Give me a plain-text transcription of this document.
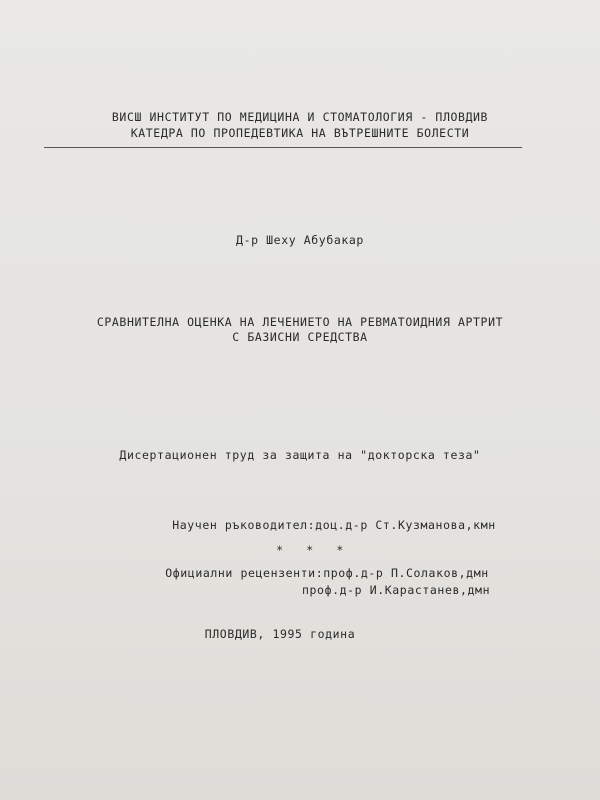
ВИСШ ИНСТИТУТ ПО МЕДИЦИНА И СТОМАТОЛОГИЯ - ПЛОВДИВ
КАТЕДРА ПО ПРОПЕДЕВТИКА НА ВЪТРЕШНИТЕ БОЛЕСТИ
Д-р Шеху Абубакар
СРАВНИТЕЛНА ОЦЕНКА НА ЛЕЧЕНИЕТО НА РЕВМАТОИДНИЯ АРТРИТ
С БАЗИСНИ СРЕДСТВА
Дисертационен труд за защита на "докторска теза"
Научен ръководител:доц.д-р Ст.Кузманова,кмн
*   *   *
Официални рецензенти:проф.д-р П.Солаков,дмн
проф.д-р И.Карастанев,дмн
ПЛОВДИВ, 1995 година
